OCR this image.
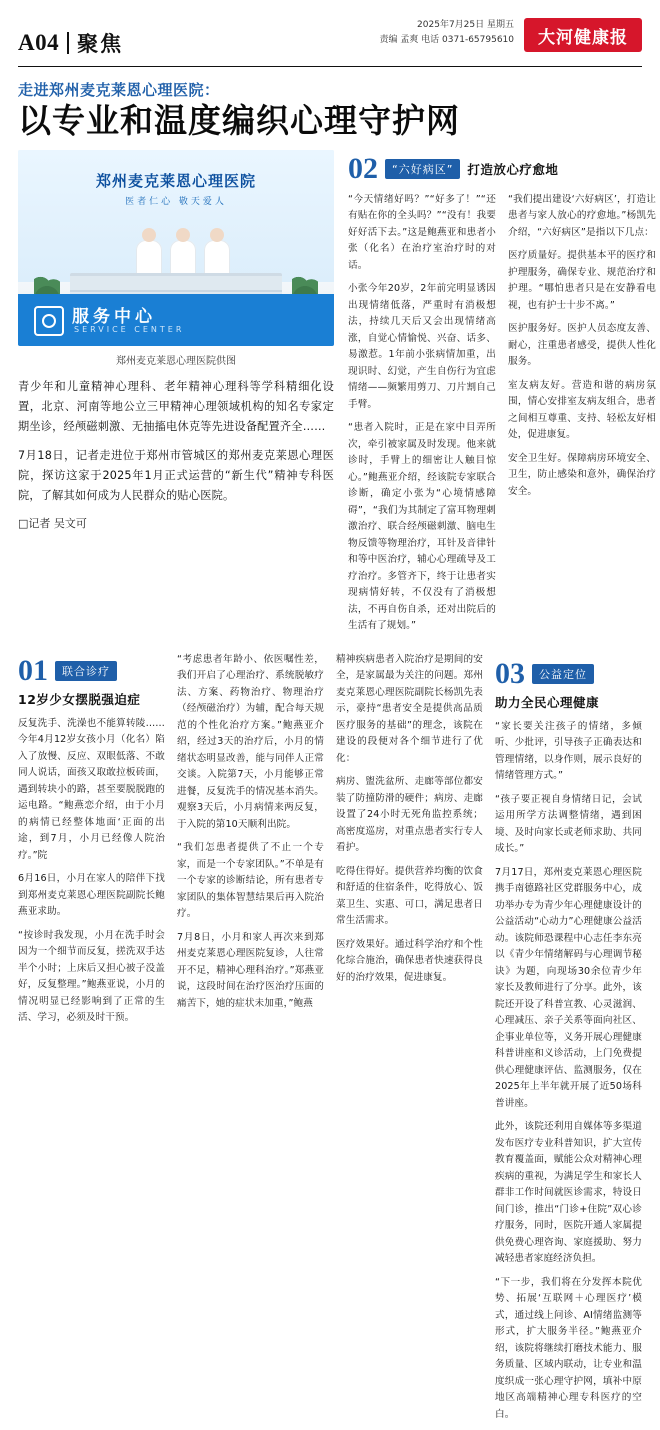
A04 聚焦
2025年7月25日 星期五
责编 孟爽 电话 0371-65795610	大河健康报
走进郑州麦克莱恩心理医院：
以专业和温度编织心理守护网
郑州麦克莱恩心理医院
医者仁心 敬天爱人
服务中心
SERVICE CENTER
郑州麦克莱恩心理医院供图

青少年和儿童精神心理科、老年精神心理科等学科精细化设置，北京、河南等地公立三甲精神心理领域机构的知名专家定期坐诊，经颅磁刺激、无抽搐电休克等先进设备配置齐全……

7月18日，记者走进位于郑州市管城区的郑州麦克莱恩心理医院，探访这家于2025年1月正式运营的“新生代”精神专科医院，了解其如何成为人民群众的贴心医院。

□记者 吴文可
02	“六好病区”	打造放心疗愈地

“今天情绪好吗？”“好多了！”“还有贴在你的全头吗？”“没有！我要好好活下去。”这是鲍燕亚和患者小张（化名）在治疗室治疗时的对话。

小张今年20岁，2年前完明显诱因出现情绪低落，严重时有消极想法，持续几天后又会出现情绪高涨，自觉心情愉悦、兴奋、话多、易激惹。1年前小张病情加重，出现识时、幻觉，产生自伤行为宜虑情绪——频繁用剪刀、刀片割自己手臂。

“患者入院时，正是在家中目弄所次，牵引被家属及时发现。他来就诊时，手臂上的细密让人触目惊心。”鲍燕亚介绍，经该院专家联合诊断，确定小张为“心境情感障碍”，“我们为其制定了富耳物理刺激治疗、联合经颅磁刺激、脑电生物反馈等物理治疗，耳针及音律针和等中医治疗，辅心心理疏导及工疗治疗。多管齐下，终于让患者实现病情好转，不仅没有了消极想法，不再自伤自杀，还对出院后的生活有了规划。”

“我们提出建设‘六好病区’，打造让患者与家人放心的疗愈地。”杨凯先介绍，“六好病区”是指以下几点：

医疗质量好。提供基本平的医疗和护理服务，确保专业、规范治疗和护理。“哪怕患者只是在安静看电视，也有护士十步不离。”

医护服务好。医护人员态度友善、耐心，注重患者感受，提供人性化服务。

室友病友好。营造和谐的病房氛围，情心安排室友病友组合，患者之间相互尊重、支持、轻松友好相处，促进康复。

安全卫生好。保障病房环境安全、卫生，防止感染和意外，确保治疗安全。

01	联合诊疗
12岁少女摆脱强迫症

反复洗手、洗澡也不能算转陵……今年4月12岁女孩小月（化名）陷入了放慢、反应、双眼低落、不敢同人说话，面孩又取敢拉板砖面，遇到转块小的路，甚至要脱脱跑的运电路。“鲍燕恋介绍，由于小月的病情已经整体地面‘正面的出途，到7月，小月已经像人院治疗。”院

6月16日，小月在家人的陪伴下找到郑州麦克莱恩心理医院副院长鲍燕亚求助。

“按诊时我发现，小月在洗手时会因为一个细节而反复，搓洗双手达半个小时；上床后又担心被子没盖好，反复整理。”鲍燕亚说，小月的情况明显已经影响到了正常的生活、学习，必须及时干预。

“考虑患者年龄小、依医嘱性差，我们开启了心理治疗、系统脱敏疗法、方案、药物治疗、物理治疗（经颅磁治疗）为辅，配合每天规范的个性化治疗方案。”鲍燕亚介绍，经过3天的治疗后，小月的情绪状态明显改善，能与同伴人正常交谈。入院第7天，小月能够正常进餐，反复洗手的情况基本消失。观察3天后，小月病情来两反复，于入院的第10天顺利出院。

“我们怎患者提供了不止一个专家，而是一个专家团队。”不单是有一个专家的诊断结论，所有患者专家团队的集体智慧结果后再入院治疗。

7月8日，小月和家人再次来到郑州麦克莱恩心理医院复诊，人往常开不足，精神心理科治疗。”郑燕亚说，这段时间在治疗医治疗压面的痛苦下，她的症状未加重，”鲍燕

精神疾病患者入院治疗是期间的安全，是家属最为关注的问题。郑州麦克莱恩心理医院副院长杨凯先表示，豪持“患者安全是提供高品质医疗服务的基础”的理念，该院在建设的段便对各个细节进行了优化：

病房、盥洗盆所、走廊等部位都安装了防撞防滑的硬件；病房、走廊设置了24小时无死角监控系统；高密度巡房，对重点患者实行专人看护。

吃得住得好。提供营养均衡的饮食和舒适的住宿条件，吃得放心、饭菜卫生、实惠、可口，满足患者日常生活需求。

医疗效果好。通过科学治疗和个性化综合施治，确保患者快速获得良好的治疗效果，促进康复。

03	公益定位
助力全民心理健康

“家长要关注孩子的情绪，多倾听、少批评，引导孩子正确表达和管理情绪，以身作则，展示良好的情绪管理方式。”

“孩子要正视自身情绪日记，会试运用所学方法调整情绪，遇到困境、及时向家长或老师求助、共同成长。”

7月17日，郑州麦克莱恩心理医院携手南德路社区党群服务中心，成功举办专为青少年心理健康设计的公益活动“心动力”心理健康公益活动。该院师恐课程中心志任李东亮以《青少年情绪解码与心理调节秘诀》为题，向现场30余位青少年家长及教师进行了分享。此外，该院还开设了科普宣教、心灵滋润、心理减压、亲子关系等面向社区、企事业单位等，义务开展心理健康科普讲座和义诊活动，上门免费提供心理健康评估、监测服务，仅在2025年上半年就开展了近50场科普讲座。

此外，该院还利用自媒体等多渠道发布医疗专业科普知识，扩大宣传教育覆盖面，赋能公众对精神心理疾病的重视，为满足学生和家长人群非工作时间就医诊需求，特设日间门诊，推出“门诊+住院”双心诊疗服务，同时，医院开通人家属提供免费心理咨询、家庭援助、努力减轻患者家庭经济负担。

“下一步，我们将在分发挥本院优势、拓展‘互联网＋心理医疗’模式，通过线上问诊、AI情绪监测等形式，扩大服务半径。”鲍燕亚介绍，该院将继续打磨技术能力、服务质量、区域内联动，让专业和温度织成一张心理守护网，填补中原地区高端精神心理专科医疗的空白。
